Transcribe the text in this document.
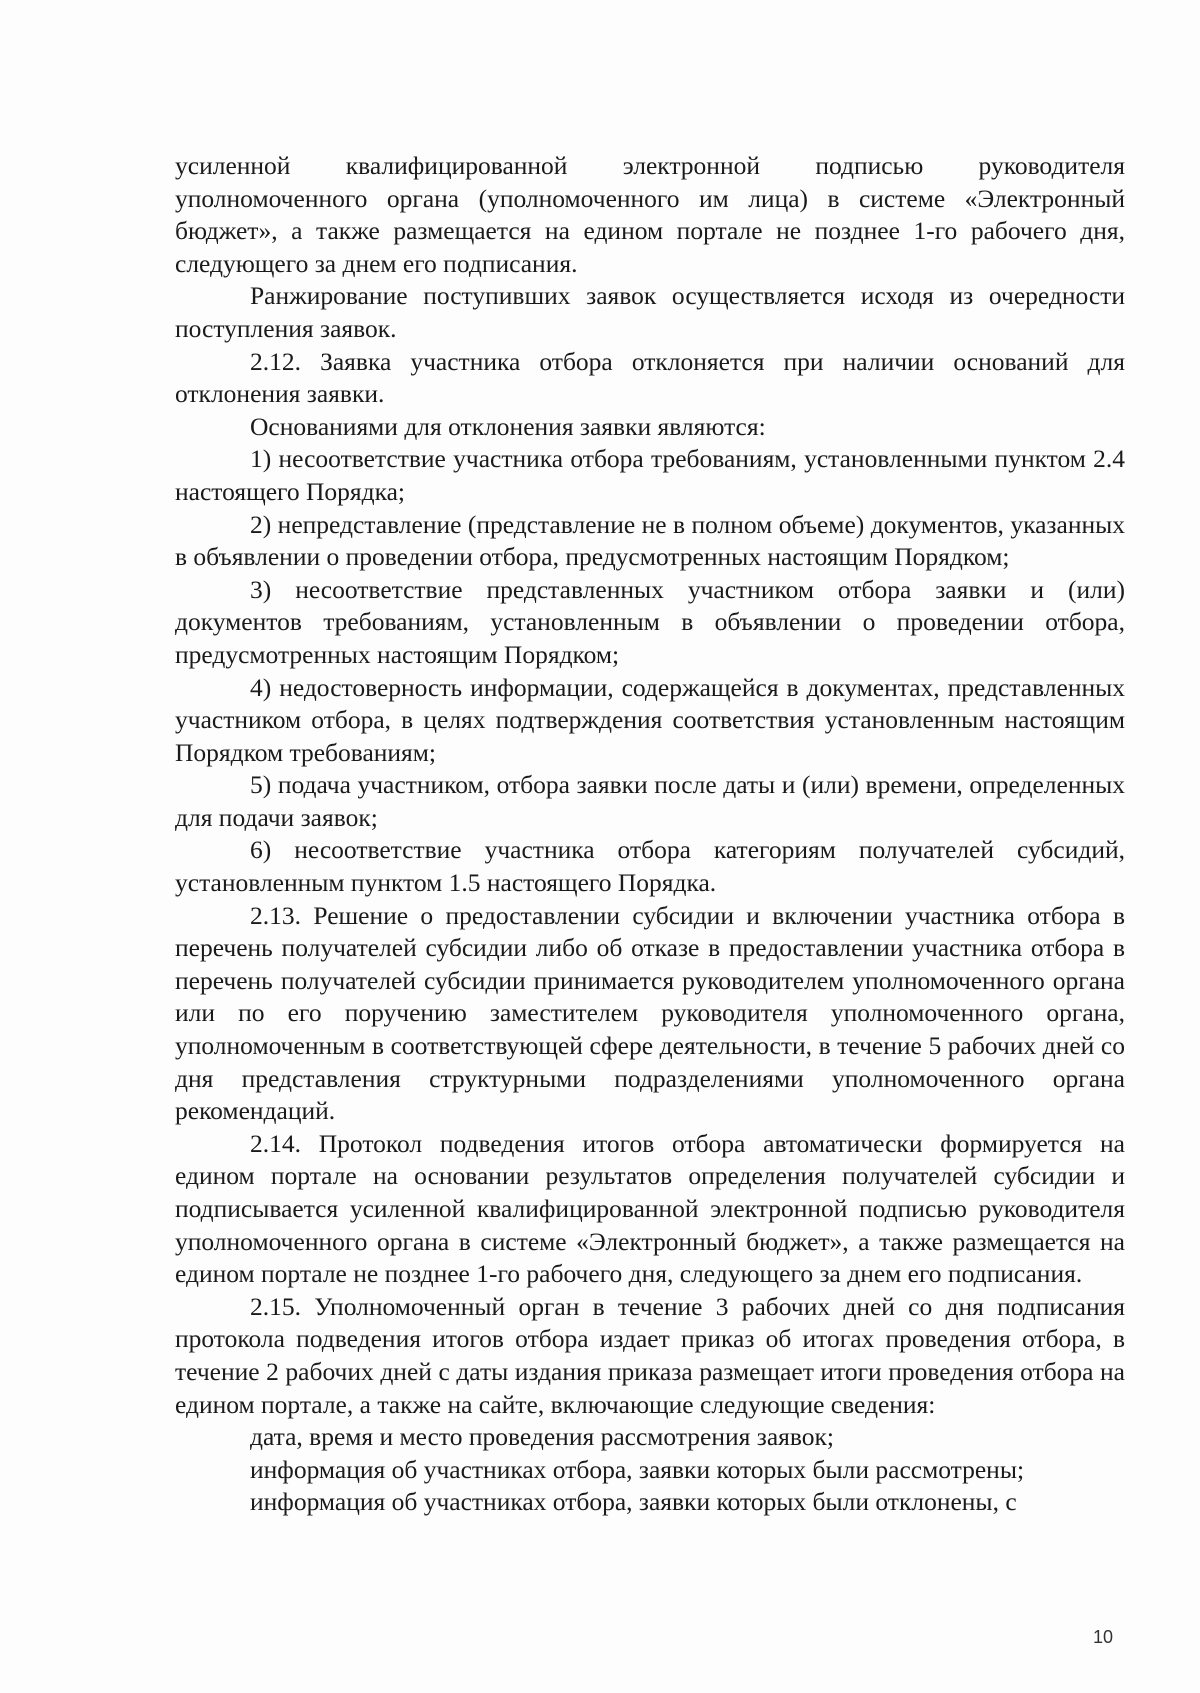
усиленной квалифицированной электронной подписью руководителя уполномоченного органа (уполномоченного им лица) в системе «Электронный бюджет», а также размещается на едином портале не позднее 1-го рабочего дня, следующего за днем его подписания.

Ранжирование поступивших заявок осуществляется исходя из очередности поступления заявок.

2.12. Заявка участника отбора отклоняется при наличии оснований для отклонения заявки.

Основаниями для отклонения заявки являются:

1) несоответствие участника отбора требованиям, установленными пунктом 2.4 настоящего Порядка;

2) непредставление (представление не в полном объеме) документов, указанных в объявлении о проведении отбора, предусмотренных настоящим Порядком;

3) несоответствие представленных участником отбора заявки и (или) документов требованиям, установленным в объявлении о проведении отбора, предусмотренных настоящим Порядком;

4) недостоверность информации, содержащейся в документах, представленных участником отбора, в целях подтверждения соответствия установленным настоящим Порядком требованиям;

5) подача участником, отбора заявки после даты и (или) времени, определенных для подачи заявок;

6) несоответствие участника отбора категориям получателей субсидий, установленным пунктом 1.5 настоящего Порядка.

2.13. Решение о предоставлении субсидии и включении участника отбора в перечень получателей субсидии либо об отказе в предоставлении участника отбора в перечень получателей субсидии принимается руководителем уполномоченного органа или по его поручению заместителем руководителя уполномоченного органа, уполномоченным в соответствующей сфере деятельности, в течение 5 рабочих дней со дня представления структурными подразделениями уполномоченного органа рекомендаций.

2.14. Протокол подведения итогов отбора автоматически формируется на едином портале на основании результатов определения получателей субсидии и подписывается усиленной квалифицированной электронной подписью руководителя уполномоченного органа в системе «Электронный бюджет», а также размещается на едином портале не позднее 1-го рабочего дня, следующего за днем его подписания.

2.15. Уполномоченный орган в течение 3 рабочих дней со дня подписания протокола подведения итогов отбора издает приказ об итогах проведения отбора, в течение 2 рабочих дней с даты издания приказа размещает итоги проведения отбора на едином портале, а также на сайте, включающие следующие сведения:

дата, время и место проведения рассмотрения заявок;

информация об участниках отбора, заявки которых были рассмотрены;

информация об участниках отбора, заявки которых были отклонены, с

10
